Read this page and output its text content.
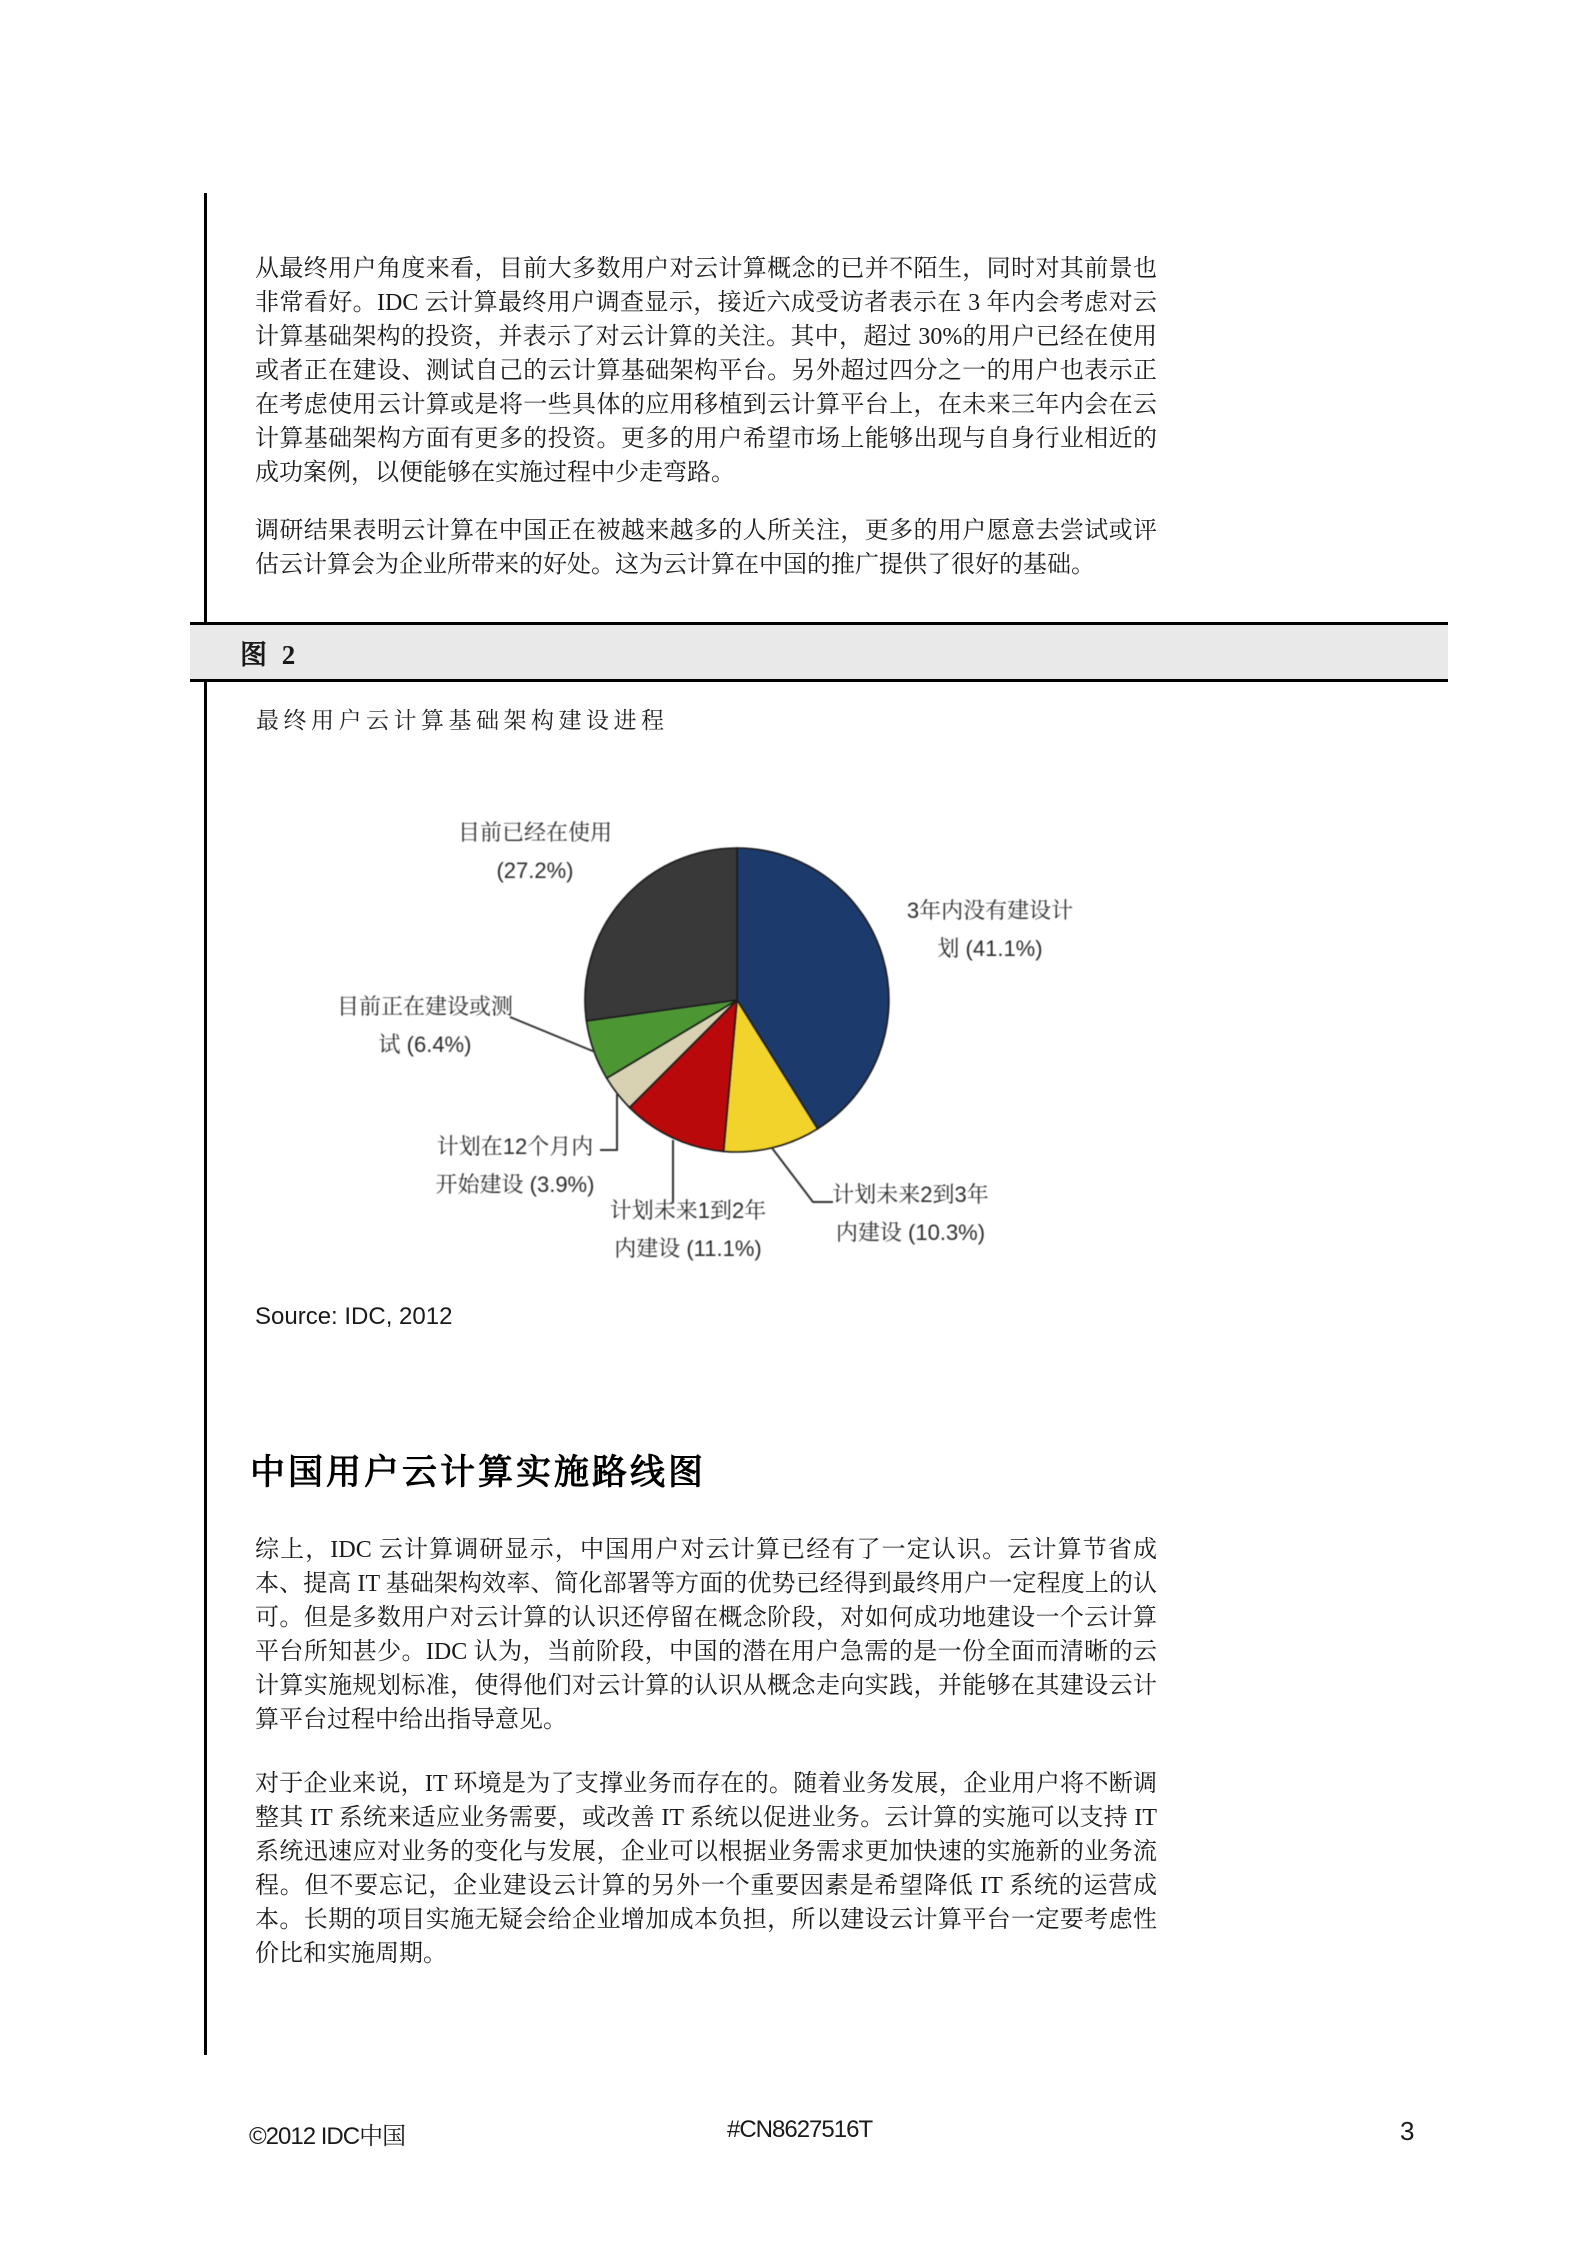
从最终用户角度来看，目前大多数用户对云计算概念的已并不陌生，同时对其前景也非常看好。IDC 云计算最终用户调查显示，接近六成受访者表示在 3 年内会考虑对云计算基础架构的投资，并表示了对云计算的关注。其中，超过 30%的用户已经在使用或者正在建设、测试自己的云计算基础架构平台。另外超过四分之一的用户也表示正在考虑使用云计算或是将一些具体的应用移植到云计算平台上，在未来三年内会在云计算基础架构方面有更多的投资。更多的用户希望市场上能够出现与自身行业相近的成功案例，以便能够在实施过程中少走弯路。

调研结果表明云计算在中国正在被越来越多的人所关注，更多的用户愿意去尝试或评估云计算会为企业所带来的好处。这为云计算在中国的推广提供了很好的基础。

图 2
最终用户云计算基础架构建设进程
目前已经在使用
(27.2%)
3年内没有建设计
划 (41.1%)
目前正在建设或测
试 (6.4%)
计划在12个月内
开始建设 (3.9%)
计划未来1到2年
内建设 (11.1%)
计划未来2到3年
内建设 (10.3%)
Source: IDC, 2012
中国用户云计算实施路线图

综上，IDC 云计算调研显示，中国用户对云计算已经有了一定认识。云计算节省成本、提高 IT 基础架构效率、简化部署等方面的优势已经得到最终用户一定程度上的认可。但是多数用户对云计算的认识还停留在概念阶段，对如何成功地建设一个云计算平台所知甚少。IDC 认为，当前阶段，中国的潜在用户急需的是一份全面而清晰的云计算实施规划标准，使得他们对云计算的认识从概念走向实践，并能够在其建设云计算平台过程中给出指导意见。

对于企业来说，IT 环境是为了支撑业务而存在的。随着业务发展，企业用户将不断调整其 IT 系统来适应业务需要，或改善 IT 系统以促进业务。云计算的实施可以支持 IT 系统迅速应对业务的变化与发展，企业可以根据业务需求更加快速的实施新的业务流程。但不要忘记，企业建设云计算的另外一个重要因素是希望降低 IT 系统的运营成本。长期的项目实施无疑会给企业增加成本负担，所以建设云计算平台一定要考虑性价比和实施周期。

©2012 IDC中国	#CN8627516T	3
